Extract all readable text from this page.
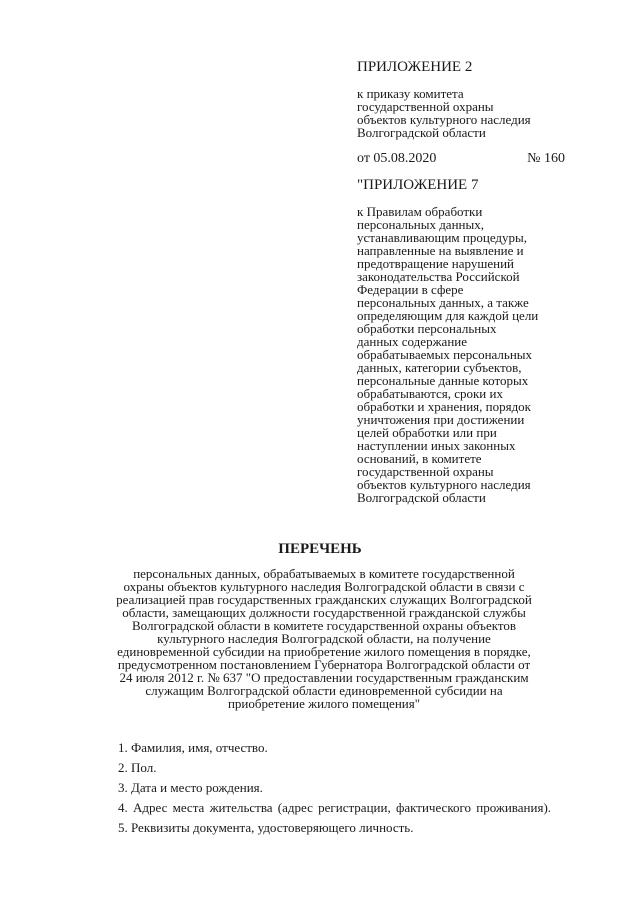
ПРИЛОЖЕНИЕ 2

к приказу комитета
государственной охраны
объектов культурного наследия
Волгоградской области

от 05.08.2020	№ 160

"ПРИЛОЖЕНИЕ 7

к Правилам обработки
персональных данных,
устанавливающим процедуры,
направленные на выявление и
предотвращение нарушений
законодательства Российской
Федерации в сфере
персональных данных, а также
определяющим для каждой цели
обработки персональных
данных содержание
обрабатываемых персональных
данных, категории субъектов,
персональные данные которых
обрабатываются, сроки их
обработки и хранения, порядок
уничтожения при достижении
целей обработки или при
наступлении иных законных
оснований, в комитете
государственной охраны
объектов культурного наследия
Волгоградской области

ПЕРЕЧЕНЬ

персональных данных, обрабатываемых в комитете государственной
охраны объектов культурного наследия Волгоградской области в связи с
реализацией прав государственных гражданских служащих Волгоградской
области, замещающих должности государственной гражданской службы
Волгоградской области в комитете государственной охраны объектов
культурного наследия Волгоградской области, на получение
единовременной субсидии на приобретение жилого помещения в порядке,
предусмотренном постановлением Губернатора Волгоградской области от
24 июля 2012 г. № 637 "О предоставлении государственным гражданским
служащим Волгоградской области единовременной субсидии на
приобретение жилого помещения"

1. Фамилия, имя, отчество.

2. Пол.

3. Дата и место рождения.

4. Адрес места жительства (адрес регистрации, фактического проживания).

5. Реквизиты документа, удостоверяющего личность.
